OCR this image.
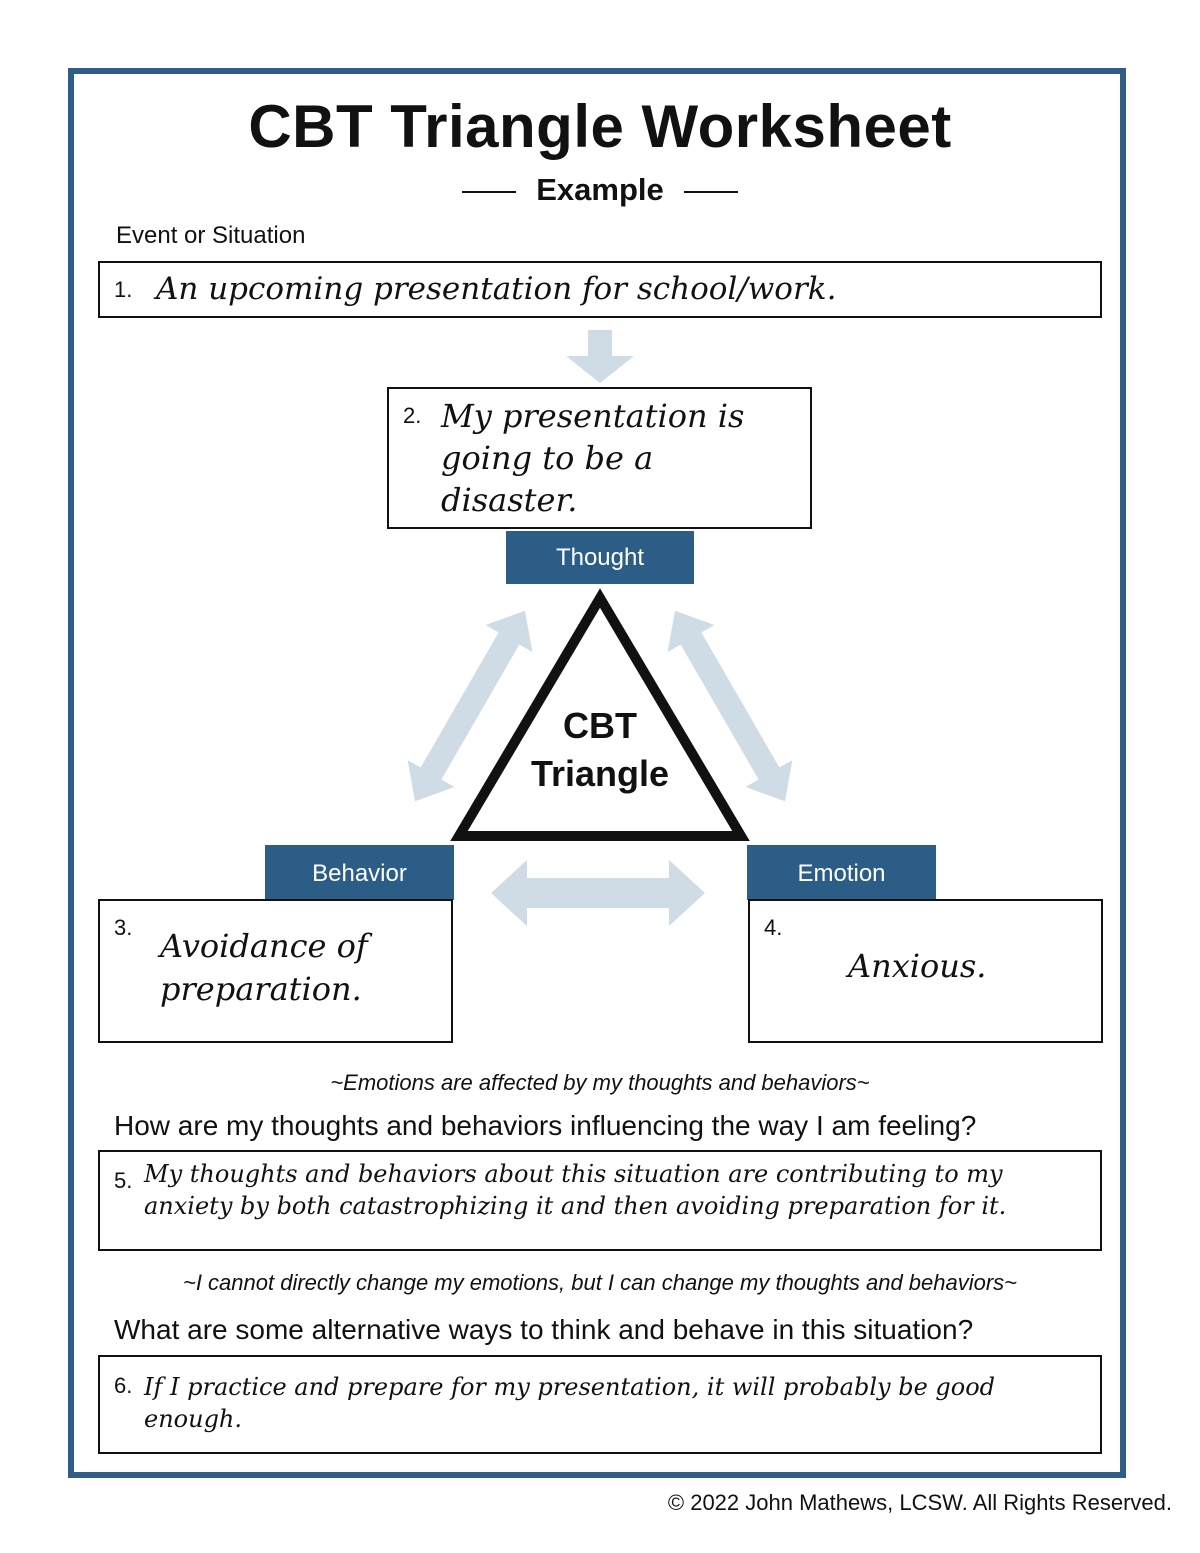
CBT Triangle Worksheet
Example
Event or Situation
1. An upcoming presentation for school/work.
CBT
Triangle
2. My presentation is going to be a disaster.
Thought
Behavior
3. Avoidance of preparation.
Emotion
4.
Anxious.
~Emotions are affected by my thoughts and behaviors~
How are my thoughts and behaviors influencing the way I am feeling?
5. My thoughts and behaviors about this situation are contributing to my anxiety by both catastrophizing it and then avoiding preparation for it.
~I cannot directly change my emotions, but I can change my thoughts and behaviors~
What are some alternative ways to think and behave in this situation?
6. If I practice and prepare for my presentation, it will probably be good enough.
© 2022 John Mathews, LCSW. All Rights Reserved.
